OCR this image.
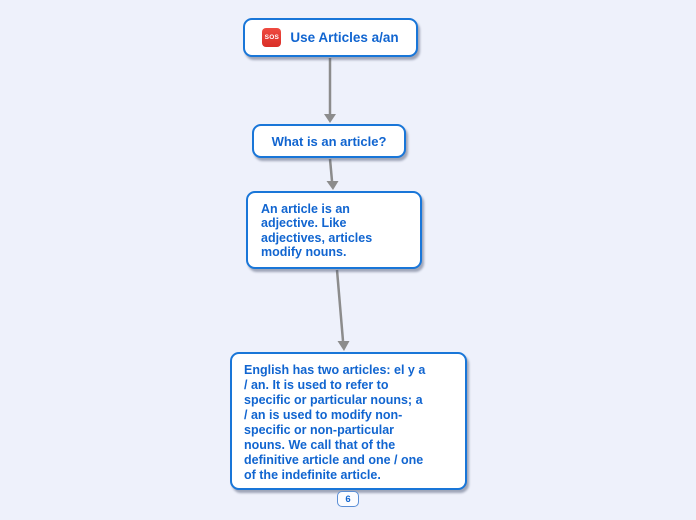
SOS Use Articles a/an
What is an article?
An article is an
adjective. Like
adjectives, articles
modify nouns.
English has two articles: el y a
/ an. It is used to refer to
specific or particular nouns; a
/ an is used to modify non-
specific or non-particular
nouns. We call that of the
definitive article and one / one
of the indefinite article.
6
